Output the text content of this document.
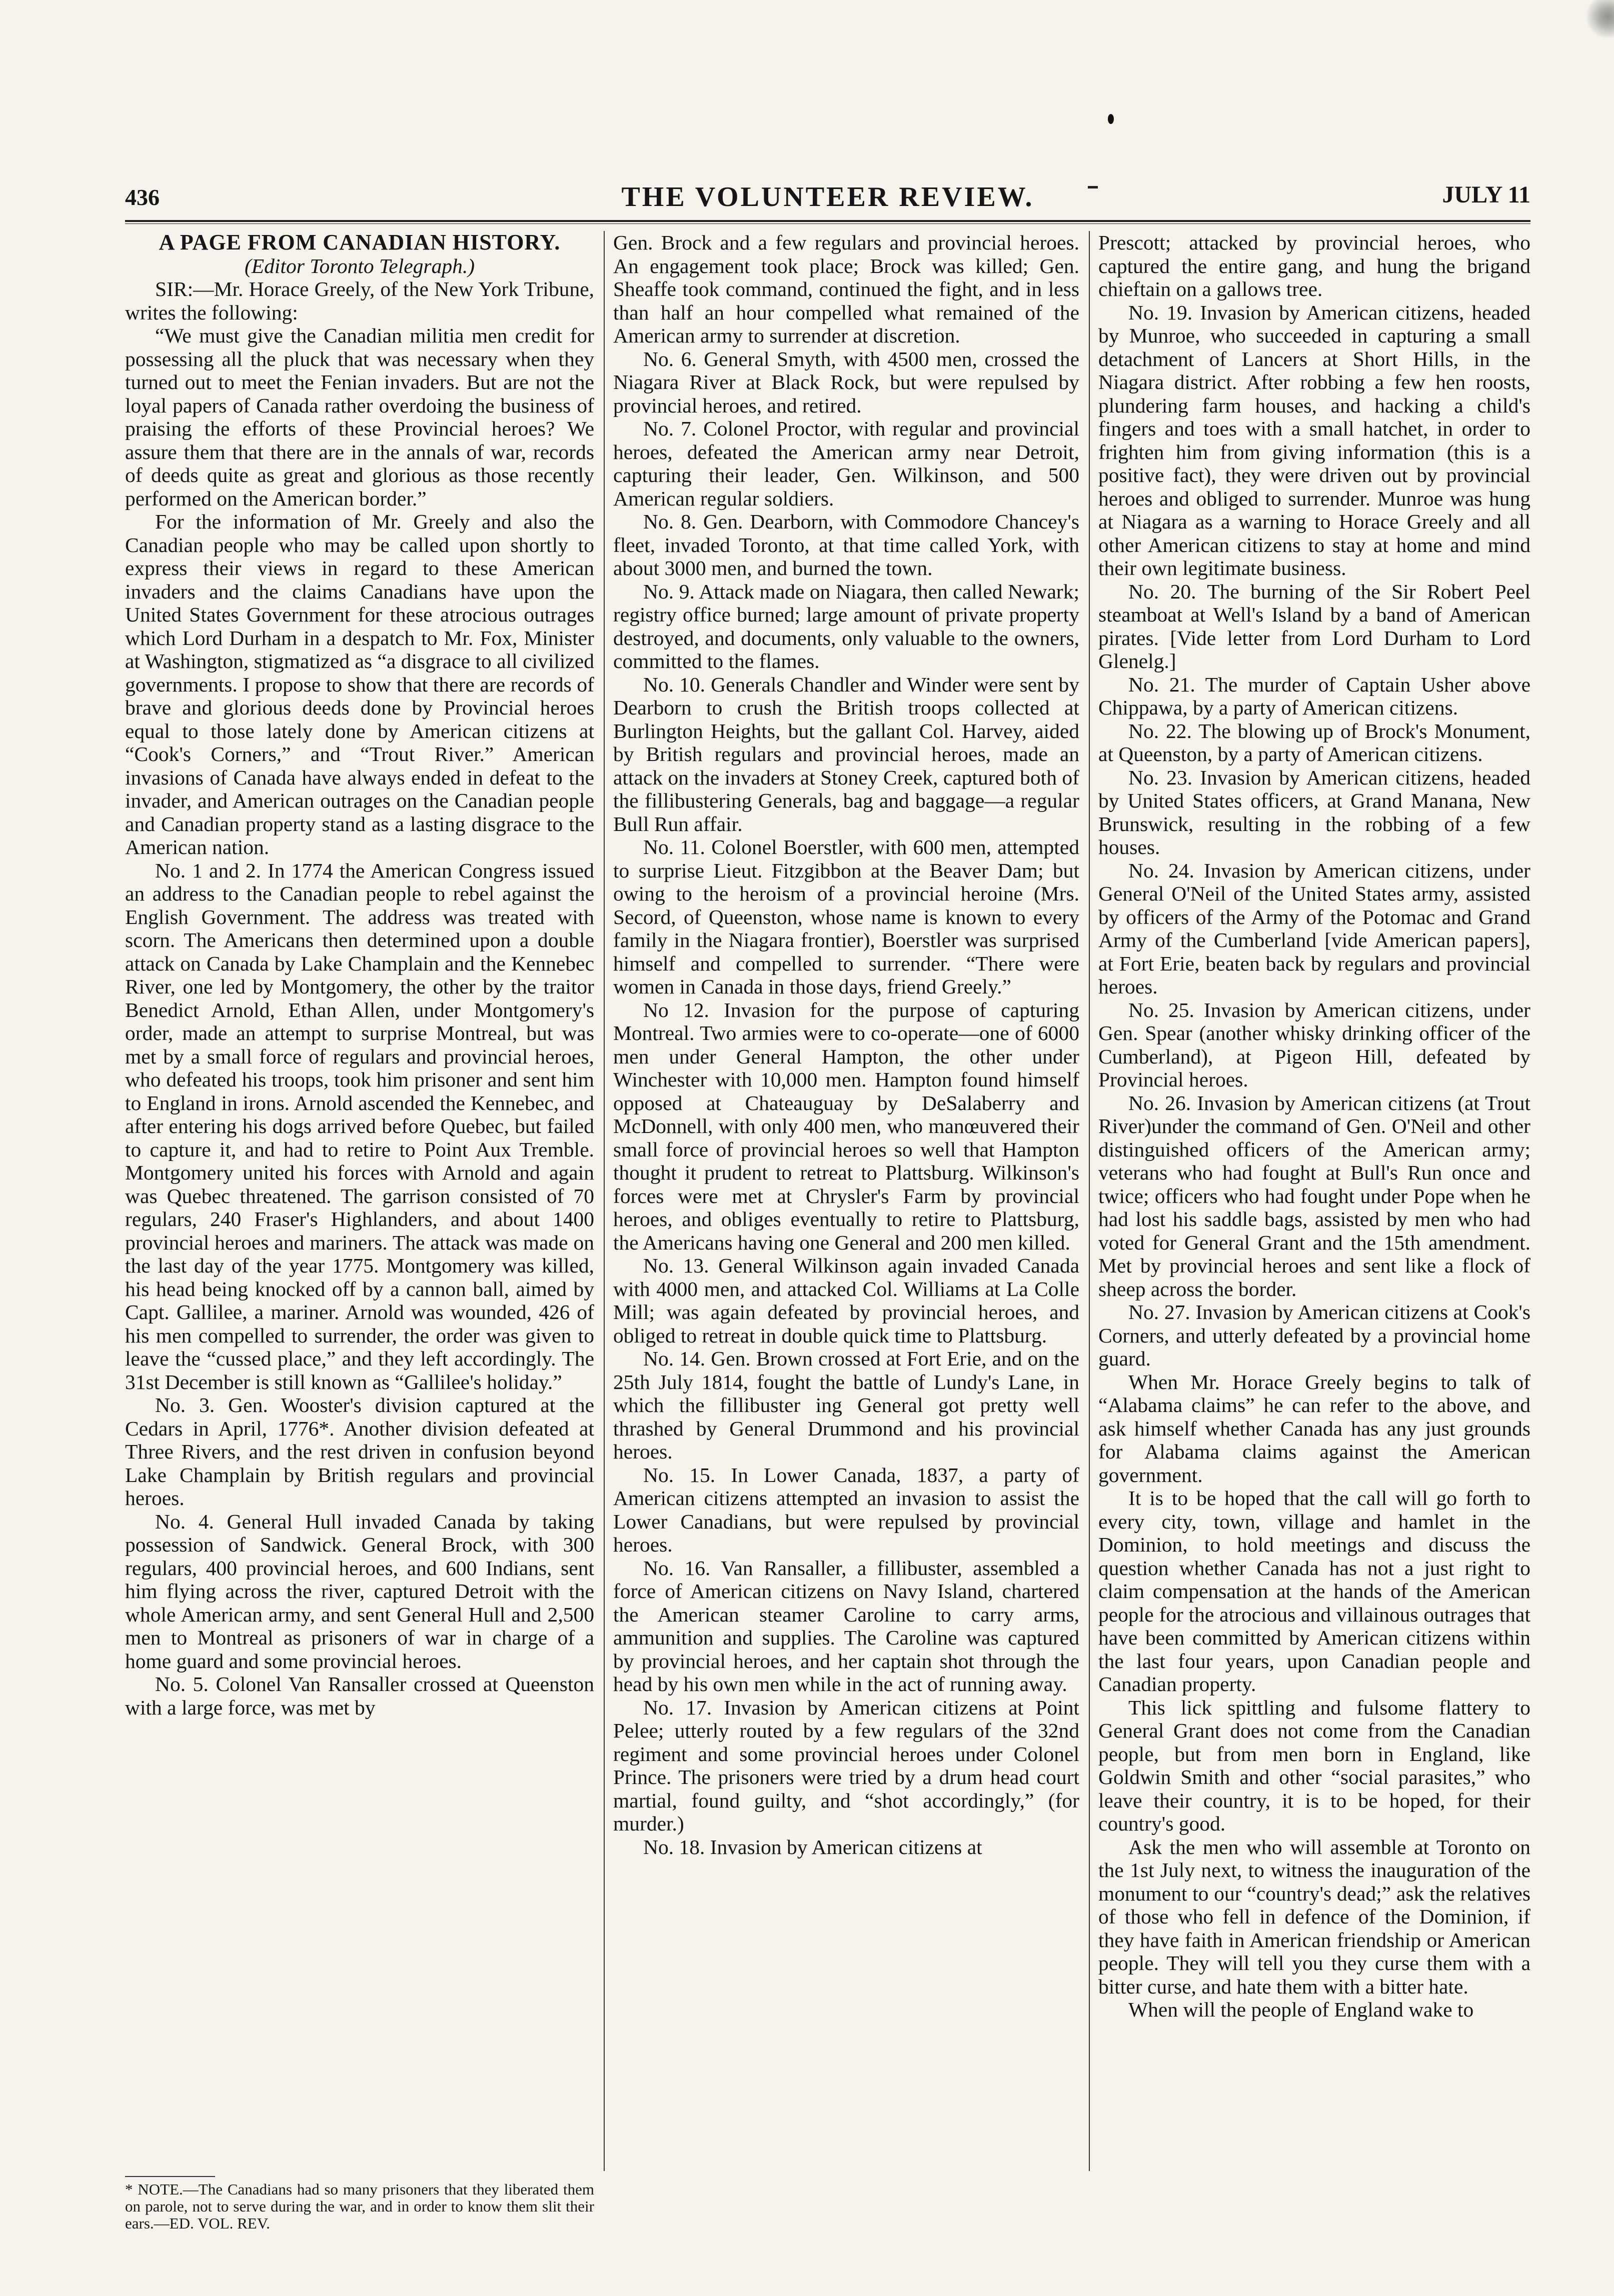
436	THE VOLUNTEER REVIEW.	JULY 11

A PAGE FROM CANADIAN HISTORY.

(Editor Toronto Telegraph.)

SIR:—Mr. Horace Greely, of the New York Tribune, writes the following:

“We must give the Canadian militia men credit for possessing all the pluck that was necessary when they turned out to meet the Fenian invaders. But are not the loyal papers of Canada rather overdoing the business of praising the efforts of these Provincial heroes? We assure them that there are in the annals of war, records of deeds quite as great and glorious as those recently performed on the American border.”

For the information of Mr. Greely and also the Canadian people who may be called upon shortly to express their views in regard to these American invaders and the claims Canadians have upon the United States Government for these atrocious outrages which Lord Durham in a despatch to Mr. Fox, Minister at Washington, stigmatized as “a disgrace to all civilized governments. I propose to show that there are records of brave and glorious deeds done by Provincial heroes equal to those lately done by American citizens at “Cook's Corners,” and “Trout River.” American invasions of Canada have always ended in defeat to the invader, and American outrages on the Canadian people and Canadian property stand as a lasting disgrace to the American nation.

No. 1 and 2. In 1774 the American Congress issued an address to the Canadian people to rebel against the English Government. The address was treated with scorn. The Americans then determined upon a double attack on Canada by Lake Champlain and the Kennebec River, one led by Montgomery, the other by the traitor Benedict Arnold, Ethan Allen, under Montgomery's order, made an attempt to surprise Montreal, but was met by a small force of regulars and provincial heroes, who defeated his troops, took him prisoner and sent him to England in irons. Arnold ascended the Kennebec, and after entering his dogs arrived before Quebec, but failed to capture it, and had to retire to Point Aux Tremble. Montgomery united his forces with Arnold and again was Quebec threatened. The garrison consisted of 70 regulars, 240 Fraser's Highlanders, and about 1400 provincial heroes and mariners. The attack was made on the last day of the year 1775. Montgomery was killed, his head being knocked off by a cannon ball, aimed by Capt. Gallilee, a mariner. Arnold was wounded, 426 of his men compelled to surrender, the order was given to leave the “cussed place,” and they left accordingly. The 31st December is still known as “Gallilee's holiday.”

No. 3. Gen. Wooster's division captured at the Cedars in April, 1776*. Another division defeated at Three Rivers, and the rest driven in confusion beyond Lake Champlain by British regulars and provincial heroes.

No. 4. General Hull invaded Canada by taking possession of Sandwick. General Brock, with 300 regulars, 400 provincial heroes, and 600 Indians, sent him flying across the river, captured Detroit with the whole American army, and sent General Hull and 2,500 men to Montreal as prisoners of war in charge of a home guard and some provincial heroes.

No. 5. Colonel Van Ransaller crossed at Queenston with a large force, was met by

Gen. Brock and a few regulars and provincial heroes. An engagement took place; Brock was killed; Gen. Sheaffe took command, continued the fight, and in less than half an hour compelled what remained of the American army to surrender at discretion.

No. 6. General Smyth, with 4500 men, crossed the Niagara River at Black Rock, but were repulsed by provincial heroes, and retired.

No. 7. Colonel Proctor, with regular and provincial heroes, defeated the American army near Detroit, capturing their leader, Gen. Wilkinson, and 500 American regular soldiers.

No. 8. Gen. Dearborn, with Commodore Chancey's fleet, invaded Toronto, at that time called York, with about 3000 men, and burned the town.

No. 9. Attack made on Niagara, then called Newark; registry office burned; large amount of private property destroyed, and documents, only valuable to the owners, committed to the flames.

No. 10. Generals Chandler and Winder were sent by Dearborn to crush the British troops collected at Burlington Heights, but the gallant Col. Harvey, aided by British regulars and provincial heroes, made an attack on the invaders at Stoney Creek, captured both of the fillibustering Generals, bag and baggage—a regular Bull Run affair.

No. 11. Colonel Boerstler, with 600 men, attempted to surprise Lieut. Fitzgibbon at the Beaver Dam; but owing to the heroism of a provincial heroine (Mrs. Secord, of Queenston, whose name is known to every family in the Niagara frontier), Boerstler was surprised himself and compelled to surrender. “There were women in Canada in those days, friend Greely.”

No 12. Invasion for the purpose of capturing Montreal. Two armies were to co-operate—one of 6000 men under General Hampton, the other under Winchester with 10,000 men. Hampton found himself opposed at Chateauguay by DeSalaberry and McDonnell, with only 400 men, who manœuvered their small force of provincial heroes so well that Hampton thought it prudent to retreat to Plattsburg. Wilkinson's forces were met at Chrysler's Farm by provincial heroes, and obliges eventually to retire to Plattsburg, the Americans having one General and 200 men killed.

No. 13. General Wilkinson again invaded Canada with 4000 men, and attacked Col. Williams at La Colle Mill; was again defeated by provincial heroes, and obliged to retreat in double quick time to Plattsburg.

No. 14. Gen. Brown crossed at Fort Erie, and on the 25th July 1814, fought the battle of Lundy's Lane, in which the fillibuster ing General got pretty well thrashed by General Drummond and his provincial heroes.

No. 15. In Lower Canada, 1837, a party of American citizens attempted an invasion to assist the Lower Canadians, but were repulsed by provincial heroes.

No. 16. Van Ransaller, a fillibuster, assembled a force of American citizens on Navy Island, chartered the American steamer Caroline to carry arms, ammunition and supplies. The Caroline was captured by provincial heroes, and her captain shot through the head by his own men while in the act of running away.

No. 17. Invasion by American citizens at Point Pelee; utterly routed by a few regulars of the 32nd regiment and some provincial heroes under Colonel Prince. The prisoners were tried by a drum head court martial, found guilty, and “shot accordingly,” (for murder.)

No. 18. Invasion by American citizens at

Prescott; attacked by provincial heroes, who captured the entire gang, and hung the brigand chieftain on a gallows tree.

No. 19. Invasion by American citizens, headed by Munroe, who succeeded in capturing a small detachment of Lancers at Short Hills, in the Niagara district. After robbing a few hen roosts, plundering farm houses, and hacking a child's fingers and toes with a small hatchet, in order to frighten him from giving information (this is a positive fact), they were driven out by provincial heroes and obliged to surrender. Munroe was hung at Niagara as a warning to Horace Greely and all other American citizens to stay at home and mind their own legitimate business.

No. 20. The burning of the Sir Robert Peel steamboat at Well's Island by a band of American pirates. [Vide letter from Lord Durham to Lord Glenelg.]

No. 21. The murder of Captain Usher above Chippawa, by a party of American citizens.

No. 22. The blowing up of Brock's Monument, at Queenston, by a party of American citizens.

No. 23. Invasion by American citizens, headed by United States officers, at Grand Manana, New Brunswick, resulting in the robbing of a few houses.

No. 24. Invasion by American citizens, under General O'Neil of the United States army, assisted by officers of the Army of the Potomac and Grand Army of the Cumberland [vide American papers], at Fort Erie, beaten back by regulars and provincial heroes.

No. 25. Invasion by American citizens, under Gen. Spear (another whisky drinking officer of the Cumberland), at Pigeon Hill, defeated by Provincial heroes.

No. 26. Invasion by American citizens (at Trout River)under the command of Gen. O'Neil and other distinguished officers of the American army; veterans who had fought at Bull's Run once and twice; officers who had fought under Pope when he had lost his saddle bags, assisted by men who had voted for General Grant and the 15th amendment. Met by provincial heroes and sent like a flock of sheep across the border.

No. 27. Invasion by American citizens at Cook's Corners, and utterly defeated by a provincial home guard.

When Mr. Horace Greely begins to talk of “Alabama claims” he can refer to the above, and ask himself whether Canada has any just grounds for Alabama claims against the American government.

It is to be hoped that the call will go forth to every city, town, village and hamlet in the Dominion, to hold meetings and discuss the question whether Canada has not a just right to claim compensation at the hands of the American people for the atrocious and villainous outrages that have been committed by American citizens within the last four years, upon Canadian people and Canadian property.

This lick spittling and fulsome flattery to General Grant does not come from the Canadian people, but from men born in England, like Goldwin Smith and other “social parasites,” who leave their country, it is to be hoped, for their country's good.

Ask the men who will assemble at Toronto on the 1st July next, to witness the inauguration of the monument to our “country's dead;” ask the relatives of those who fell in defence of the Dominion, if they have faith in American friendship or American people. They will tell you they curse them with a bitter curse, and hate them with a bitter hate.

When will the people of England wake to

* NOTE.—The Canadians had so many prisoners that they liberated them on parole, not to serve during the war, and in order to know them slit their ears.—ED. VOL. REV.
